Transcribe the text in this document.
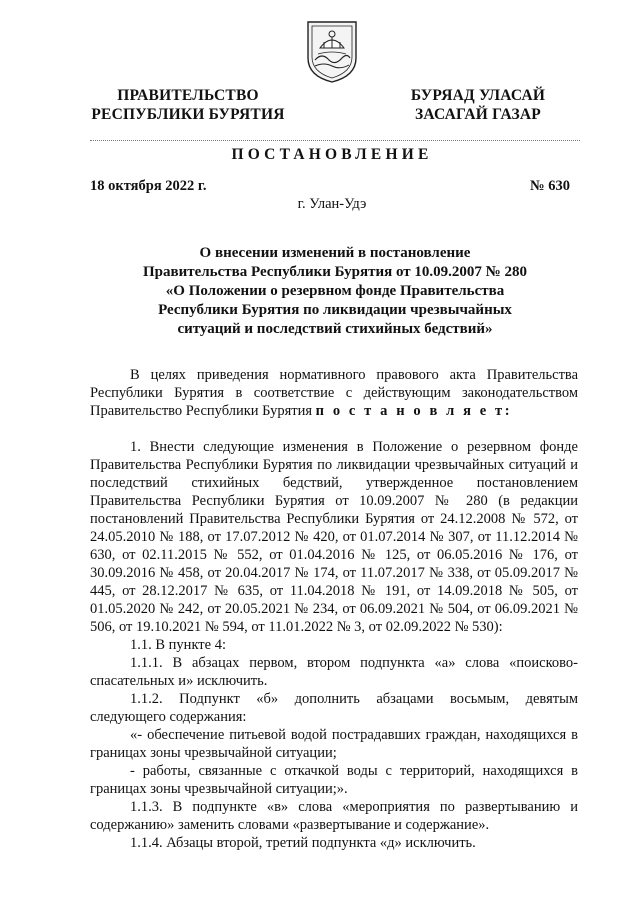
ПРАВИТЕЛЬСТВО
РЕСПУБЛИКИ БУРЯТИЯ
БУРЯАД УЛАСАЙ
ЗАСАГАЙ ГАЗАР
ПОСТАНОВЛЕНИЕ
18 октября 2022 г.	№ 630
г. Улан-Удэ
О внесении изменений в постановление
Правительства Республики Бурятия от 10.09.2007 № 280
«О Положении о резервном фонде Правительства
Республики Бурятия по ликвидации чрезвычайных
ситуаций и последствий стихийных бедствий»

В целях приведения нормативного правового акта Правительства Республики Бурятия в соответствие с действующим законодательством Правительство Республики Бурятия п о с т а н о в л я е т:

1. Внести следующие изменения в Положение о резервном фонде Правительства Республики Бурятия по ликвидации чрезвычайных ситуаций и последствий стихийных бедствий, утвержденное постановлением Правительства Республики Бурятия от 10.09.2007 № 280 (в редакции постановлений Правительства Республики Бурятия от 24.12.2008 № 572, от 24.05.2010 № 188, от 17.07.2012 № 420, от 01.07.2014 № 307, от 11.12.2014 № 630, от 02.11.2015 № 552, от 01.04.2016 № 125, от 06.05.2016 № 176, от 30.09.2016 № 458, от 20.04.2017 № 174, от 11.07.2017 № 338, от 05.09.2017 № 445, от 28.12.2017 № 635, от 11.04.2018 № 191, от 14.09.2018 № 505, от 01.05.2020 № 242, от 20.05.2021 № 234, от 06.09.2021 № 504, от 06.09.2021 № 506, от 19.10.2021 № 594, от 11.01.2022 № 3, от 02.09.2022 № 530):

1.1. В пункте 4:

1.1.1. В абзацах первом, втором подпункта «а» слова «поисково-спасательных и» исключить.

1.1.2. Подпункт «б» дополнить абзацами восьмым, девятым следующего содержания:

«- обеспечение питьевой водой пострадавших граждан, находящихся в границах зоны чрезвычайной ситуации;

- работы, связанные с откачкой воды с территорий, находящихся в границах зоны чрезвычайной ситуации;».

1.1.3. В подпункте «в» слова «мероприятия по развертыванию и содержанию» заменить словами «развертывание и содержание».

1.1.4. Абзацы второй, третий подпункта «д» исключить.
